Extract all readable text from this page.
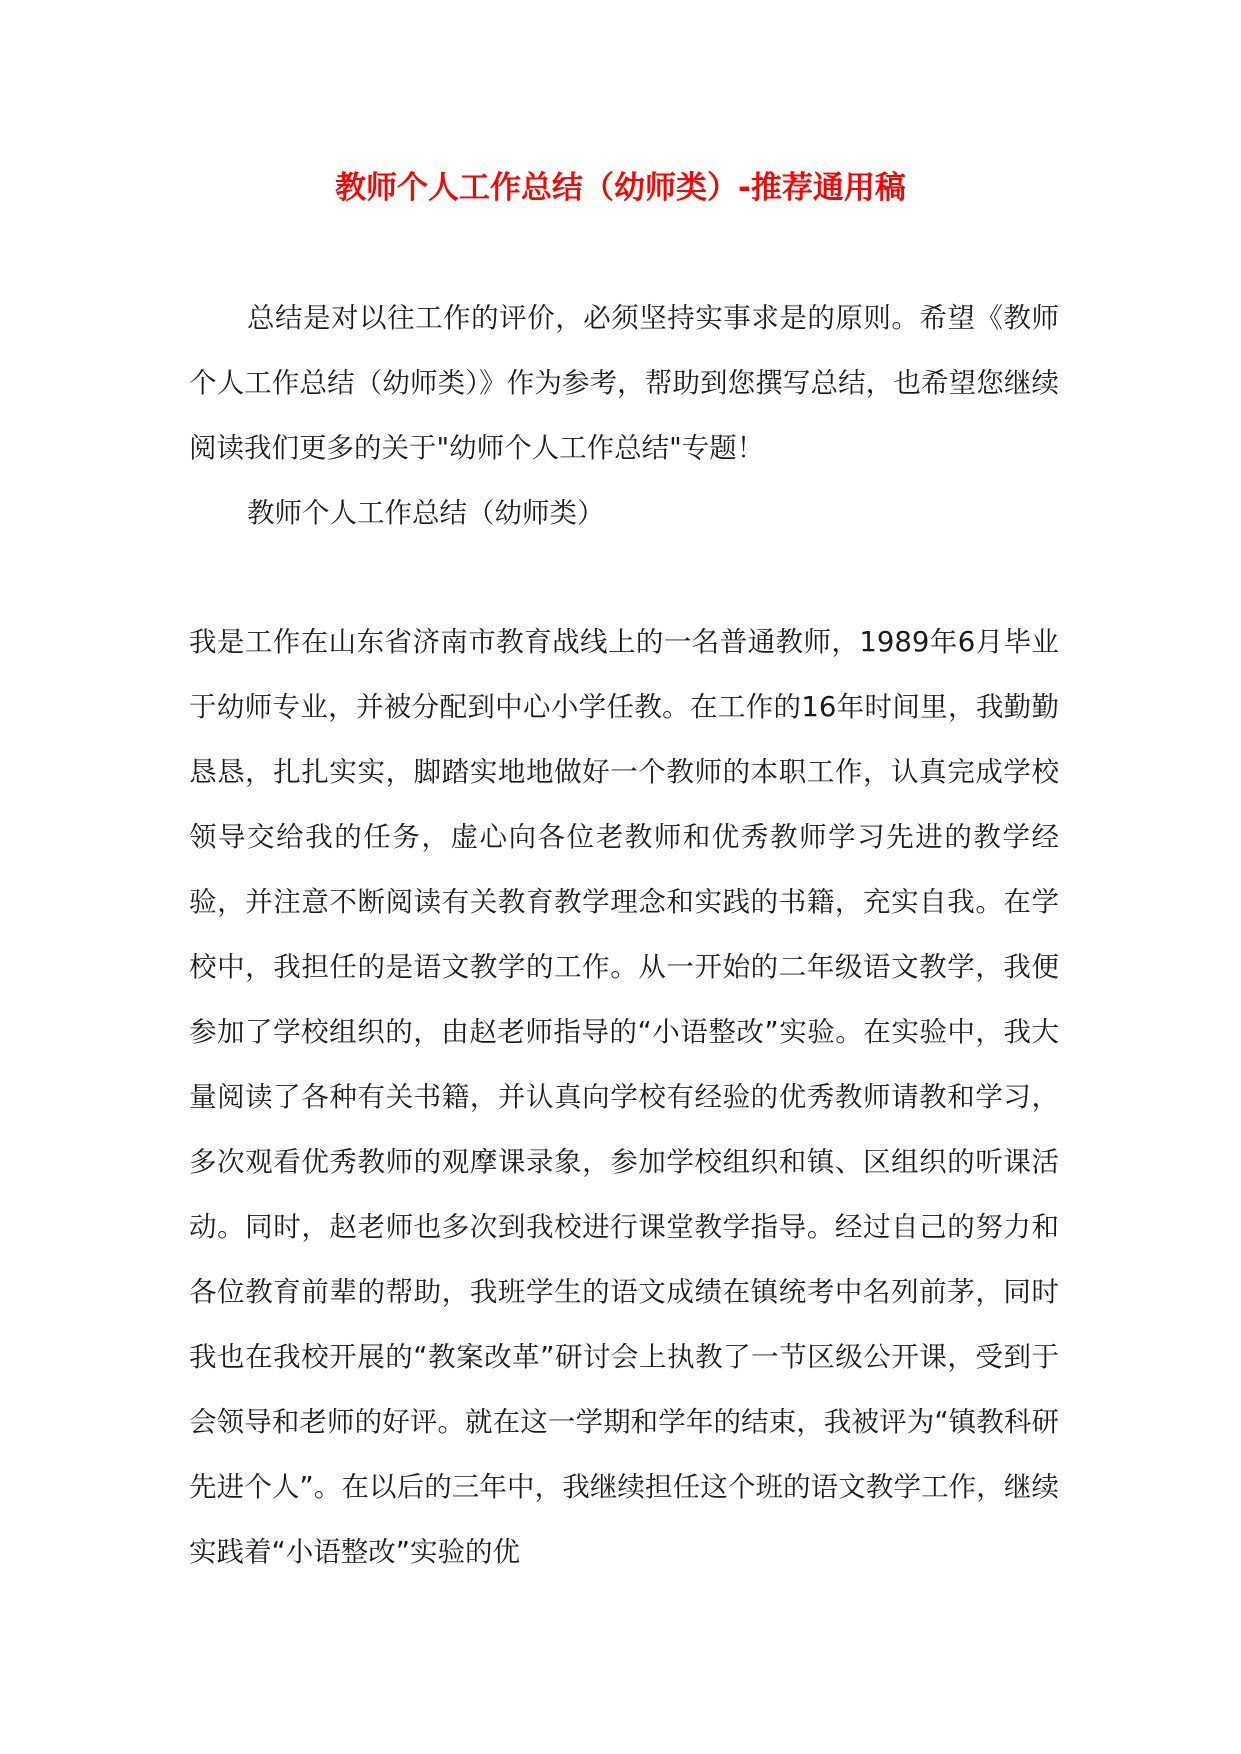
教师个人工作总结（幼师类）-推荐通用稿

总结是对以往工作的评价，必须坚持实事求是的原则。希望《教师个人工作总结（幼师类）》作为参考，帮助到您撰写总结，也希望您继续阅读我们更多的关于"幼师个人工作总结"专题！

教师个人工作总结（幼师类）

我是工作在山东省济南市教育战线上的一名普通教师，1989年6月毕业于幼师专业，并被分配到中心小学任教。在工作的16年时间里，我勤勤恳恳，扎扎实实，脚踏实地地做好一个教师的本职工作，认真完成学校领导交给我的任务，虚心向各位老教师和优秀教师学习先进的教学经验，并注意不断阅读有关教育教学理念和实践的书籍，充实自我。在学校中，我担任的是语文教学的工作。从一开始的二年级语文教学，我便参加了学校组织的，由赵老师指导的“小语整改”实验。在实验中，我大量阅读了各种有关书籍，并认真向学校有经验的优秀教师请教和学习，多次观看优秀教师的观摩课录象，参加学校组织和镇、区组织的听课活动。同时，赵老师也多次到我校进行课堂教学指导。经过自己的努力和各位教育前辈的帮助，我班学生的语文成绩在镇统考中名列前茅，同时我也在我校开展的“教案改革”研讨会上执教了一节区级公开课，受到于会领导和老师的好评。就在这一学期和学年的结束，我被评为“镇教科研先进个人”。在以后的三年中，我继续担任这个班的语文教学工作，继续实践着“小语整改”实验的优
